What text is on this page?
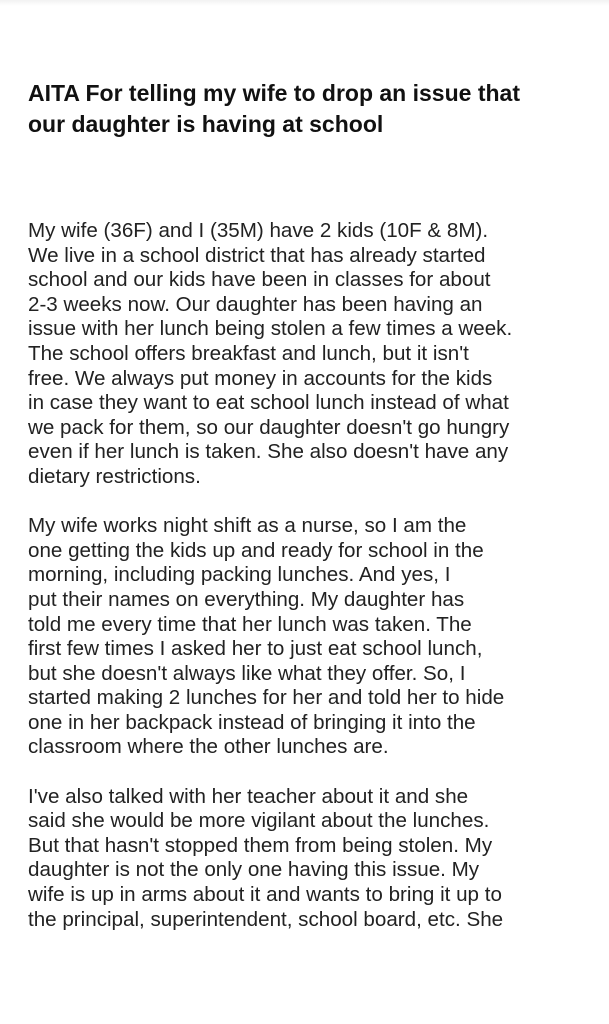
AITA For telling my wife to drop an issue that
our daughter is having at school

My wife (36F) and I (35M) have 2 kids (10F & 8M).
We live in a school district that has already started
school and our kids have been in classes for about
2-3 weeks now. Our daughter has been having an
issue with her lunch being stolen a few times a week.
The school offers breakfast and lunch, but it isn't
free. We always put money in accounts for the kids
in case they want to eat school lunch instead of what
we pack for them, so our daughter doesn't go hungry
even if her lunch is taken. She also doesn't have any
dietary restrictions.

My wife works night shift as a nurse, so I am the
one getting the kids up and ready for school in the
morning, including packing lunches. And yes, I
put their names on everything. My daughter has
told me every time that her lunch was taken. The
first few times I asked her to just eat school lunch,
but she doesn't always like what they offer. So, I
started making 2 lunches for her and told her to hide
one in her backpack instead of bringing it into the
classroom where the other lunches are.

I've also talked with her teacher about it and she
said she would be more vigilant about the lunches.
But that hasn't stopped them from being stolen. My
daughter is not the only one having this issue. My
wife is up in arms about it and wants to bring it up to
the principal, superintendent, school board, etc. She
